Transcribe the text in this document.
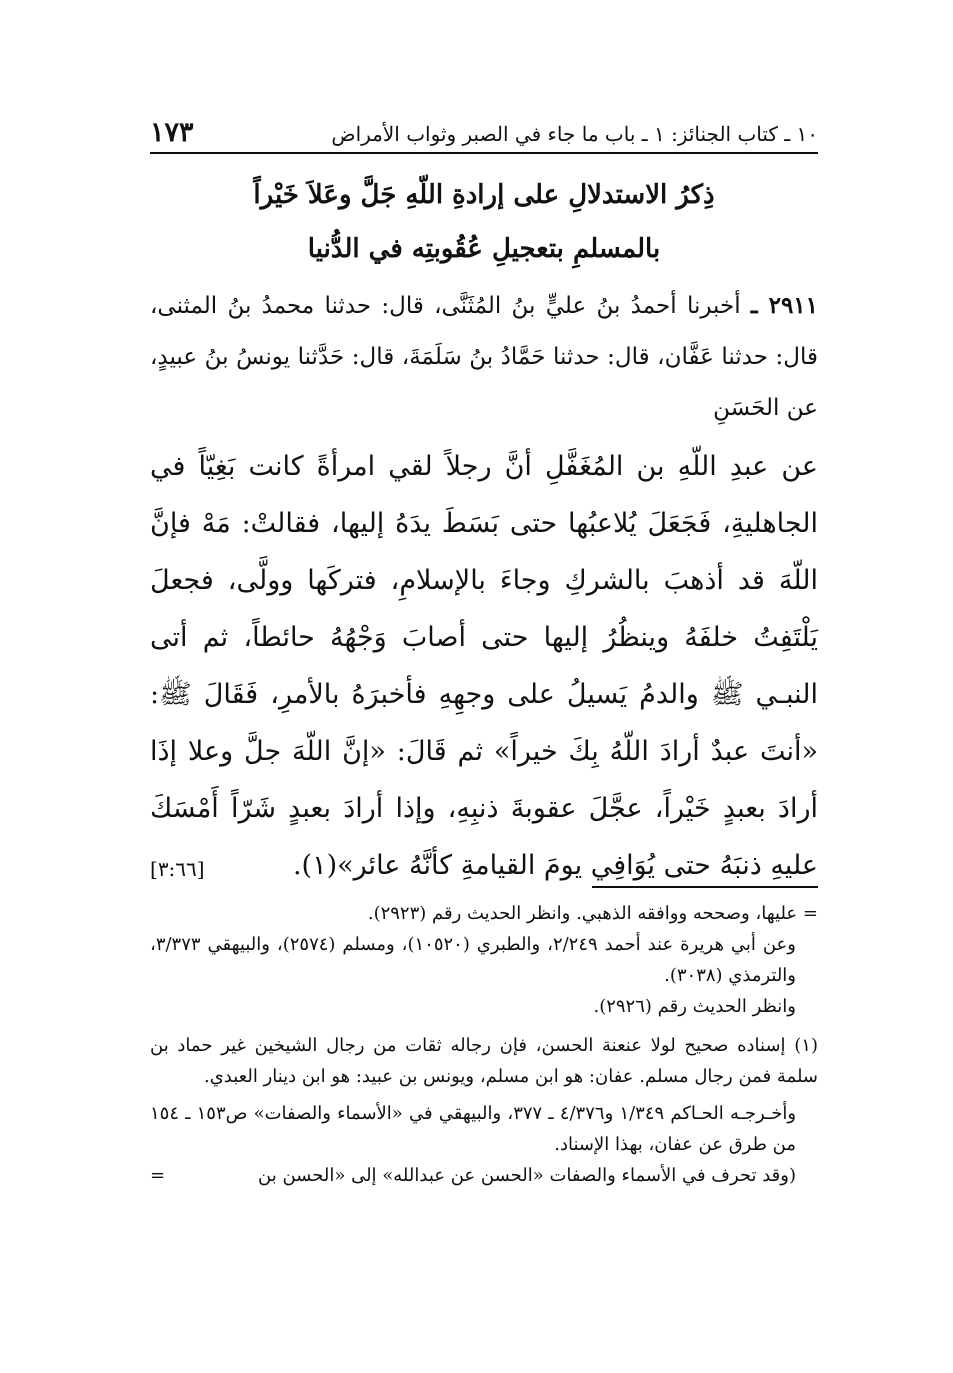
١٠ ـ كتاب الجنائز: ١ ـ باب ما جاء في الصبر وثواب الأمراض
١٧٣
ذِكرُ الاستدلالِ على إرادةِ اللّهِ جَلَّ وعَلاَ خَيْراً
بالمسلمِ بتعجيلِ عُقُوبتِه في الدُّنيا
٢٩١١ ـ أخبرنا أحمدُ بنُ عليٍّ بنُ المُثَنَّى، قال: حدثنا محمدُ بنُ المثنى، قال: حدثنا عَفَّان، قال: حدثنا حَمَّادُ بنُ سَلَمَةَ، قال: حَدَّثنا يونسُ بنُ عبيدٍ، عن الحَسَنِ
عن عبدِ اللّهِ بن المُغَفَّلِ أنَّ رجلاً لقي امرأةً كانت بَغِيّاً في الجاهليةِ، فَجَعَلَ يُلاعبُها حتى بَسَطَ يدَهُ إليها، فقالتْ: مَهْ فإنَّ اللّهَ قد أذهبَ بالشركِ وجاءَ بالإسلامِ، فتركَها وولَّى، فجعلَ يَلْتَفِتُ خلفَهُ وينظُرُ إليها حتى أصابَ وَجْهُهُ حائطاً، ثم أتى النبـي ﷺ والدمُ يَسيلُ على وجهِهِ فأخبرَهُ بالأمرِ، فَقَالَ ﷺ: «أنتَ عبدٌ أرادَ اللّهُ بِكَ خيراً» ثم قَالَ: «إنَّ اللّهَ جلَّ وعلا إذَا أرادَ بعبدٍ خَيْراً، عجَّلَ عقوبةَ ذنبِهِ، وإذا أرادَ بعبدٍ شَرّاً أَمْسَكَ عليهِ ذنبَهُ حتى يُوَافِي يومَ القيامةِ كأنَّهُ عائر»(١).
[٣:٦٦]

= عليها، وصححه ووافقه الذهبي. وانظر الحديث رقم (٢٩٢٣).

وعن أبي هريرة عند أحمد ٢/٢٤٩، والطبري (١٠٥٢٠)، ومسلم (٢٥٧٤)، والبيهقي ٣/٣٧٣، والترمذي (٣٠٣٨).

وانظر الحديث رقم (٢٩٢٦).

(١) إسناده صحيح لولا عنعنة الحسن، فإن رجاله ثقات من رجال الشيخين غير حماد بن سلمة فمن رجال مسلم. عفان: هو ابن مسلم، ويونس بن عبيد: هو ابن دينار العبدي.

وأخـرجـه الحـاكم ١/٣٤٩ و٤/٣٧٦ ـ ٣٧٧، والبيهقي في «الأسماء والصفات» ص١٥٣ ـ ١٥٤ من طرق عن عفان، بهذا الإسناد.

(وقد تحرف في الأسماء والصفات «الحسن عن عبدالله» إلى «الحسن بن
=
